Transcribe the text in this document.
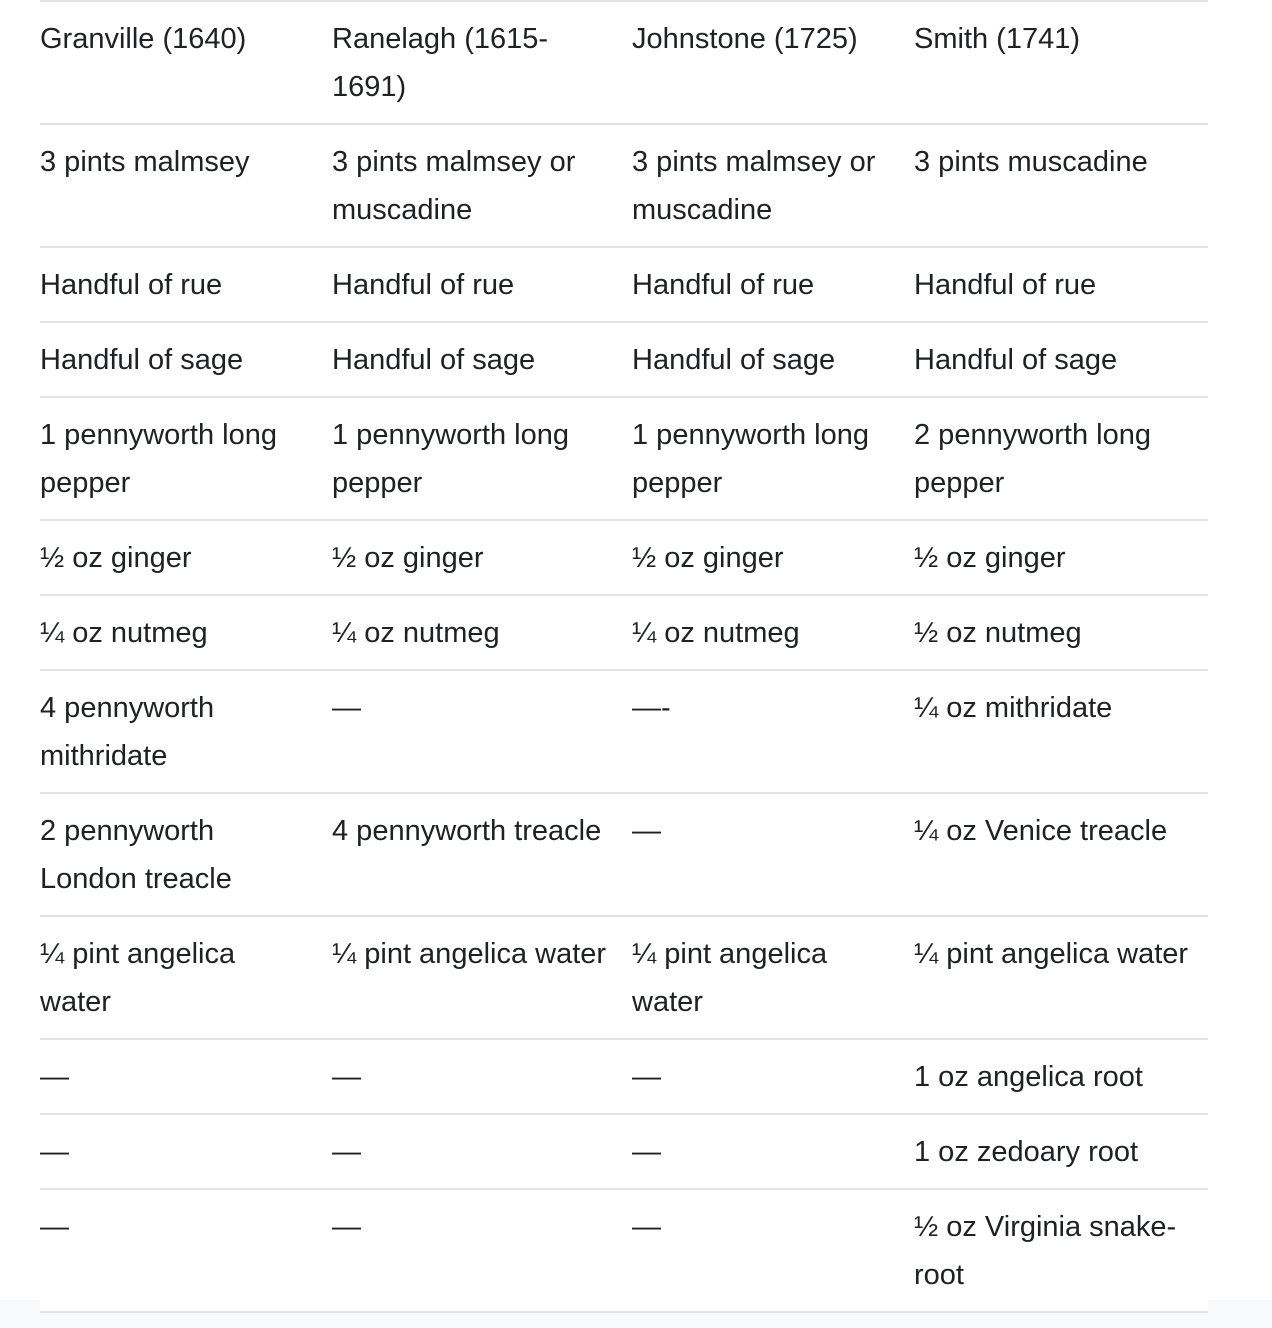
Granville (1640)	Ranelagh (1615-1691)	Johnstone (1725)	Smith (1741)

3 pints malmsey	3 pints malmsey or muscadine	3 pints malmsey or muscadine	3 pints muscadine

Handful of rue	Handful of rue	Handful of rue	Handful of rue

Handful of sage	Handful of sage	Handful of sage	Handful of sage

1 pennyworth long pepper	1 pennyworth long pepper	1 pennyworth long pepper	2 pennyworth long pepper

½ oz ginger	½ oz ginger	½ oz ginger	½ oz ginger

¼ oz nutmeg	¼ oz nutmeg	¼ oz nutmeg	½ oz nutmeg

4 pennyworth mithridate	—	—-	¼ oz mithridate

2 pennyworth London treacle	4 pennyworth treacle	—	¼ oz Venice treacle

¼ pint angelica water	¼ pint angelica water	¼ pint angelica water	¼ pint angelica water

—	—	—	1 oz angelica root

—	—	—	1 oz zedoary root

—	—	—	½ oz Virginia snake-root
